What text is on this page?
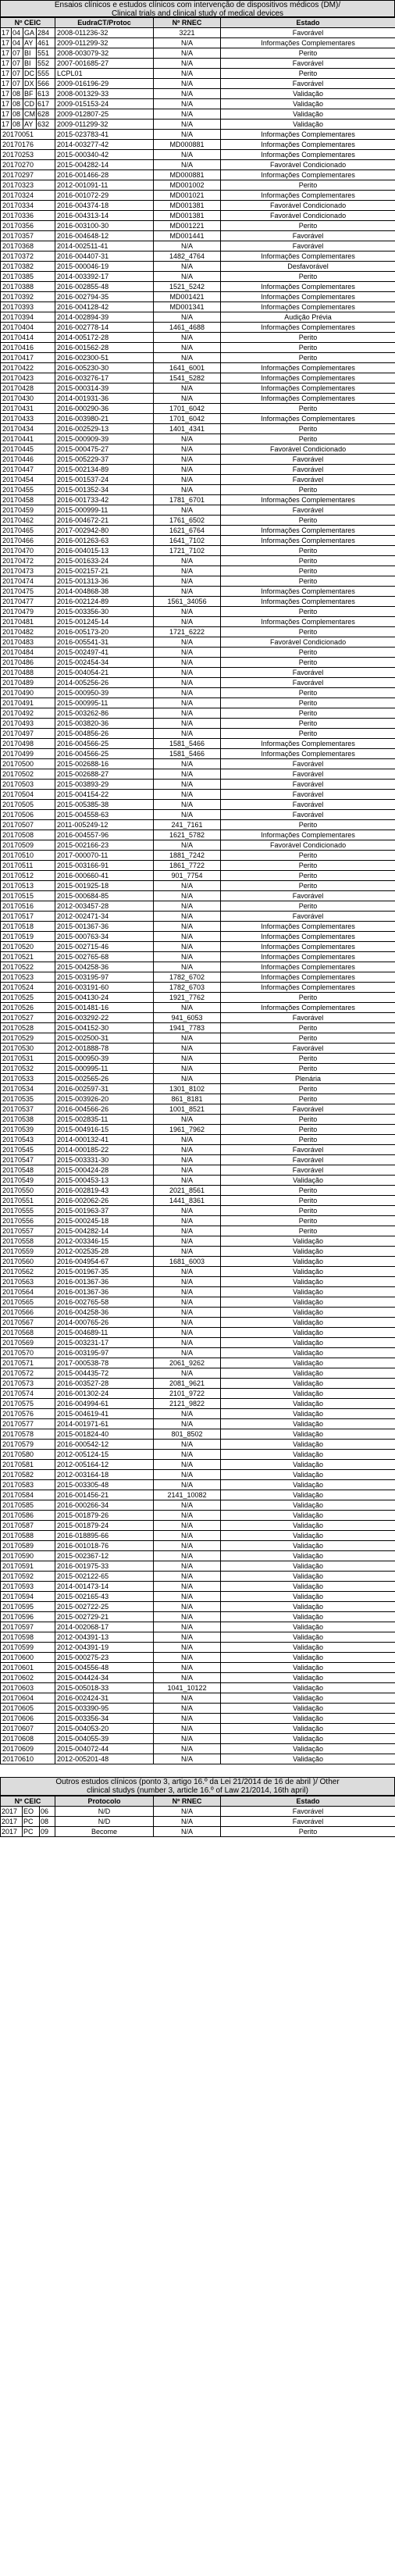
Ensaios clínicos e estudos clínicos com intervenção de dispositivos médicos (DM)/
Clinical trials and clinical study of medical devices
Nº CEIC				EudraCT/Protoc	Nº RNEC	Estado
17	04	GA	284	2008-011236-32	3221	Favorável
17	04	AY	461	2009-011299-32	N/A	Informações Complementares
17	07	BI	551	2008-003079-32	N/A	Perito
17	07	BI	552	2007-001685-27	N/A	Favorável
17	07	DC	555	LCPL01	N/A	Perito
17	07	DX	566	2009-016196-29	N/A	Favorável
17	08	BF	613	2008-001329-33	N/A	Validação
17	08	CD	617	2009-015153-24	N/A	Validação
17	08	CM	628	2009-012807-25	N/A	Validação
17	08	AY	632	2009-011299-32	N/A	Validação
20170051				2015-023783-41	N/A	Informações Complementares
20170176				2014-003277-42	MD000881	Informações Complementares
20170253				2015-000340-42	N/A	Informações Complementares
20170270				2015-004282-14	N/A	Favorável Condicionado
20170297				2016-001466-28	MD000881	Informações Complementares
20170323				2012-001091-11	MD001002	Perito
20170324				2016-001072-29	MD001021	Informações Complementares
20170334				2016-004374-18	MD001381	Favorável Condicionado
20170336				2016-004313-14	MD001381	Favorável Condicionado
20170356				2016-003100-30	MD001221	Perito
20170357				2016-004648-12	MD001441	Favorável
20170368				2014-002511-41	N/A	Favorável
20170372				2016-004407-31	1482_4764	Informações Complementares
20170382				2015-000046-19	N/A	Desfavorável
20170385				2014-003392-17	N/A	Perito
20170388				2016-002855-48	1521_5242	Informações Complementares
20170392				2016-002794-35	MD001421	Informações Complementares
20170393				2016-004128-42	MD001341	Informações Complementares
20170394				2014-002894-39	N/A	Audição Prévia
20170404				2016-002778-14	1461_4688	Informações Complementares
20170414				2014-005172-28	N/A	Perito
20170416				2016-001562-28	N/A	Perito
20170417				2016-002300-51	N/A	Perito
20170422				2016-005230-30	1641_6001	Informações Complementares
20170423				2016-003276-17	1541_5282	Informações Complementares
20170428				2015-000314-39	N/A	Informações Complementares
20170430				2014-001931-36	N/A	Informações Complementares
20170431				2016-000290-36	1701_6042	Perito
20170433				2016-003980-21	1701_6042	Informações Complementares
20170434				2016-002529-13	1401_4341	Perito
20170441				2015-000909-39	N/A	Perito
20170445				2015-000475-27	N/A	Favorável Condicionado
20170446				2015-005229-37	N/A	Favorável
20170447				2015-002134-89	N/A	Favorável
20170454				2015-001537-24	N/A	Favorável
20170455				2015-001352-34	N/A	Perito
20170458				2016-001733-42	1781_6701	Informações Complementares
20170459				2015-000999-11	N/A	Favorável
20170462				2016-004672-21	1761_6502	Perito
20170465				2017-002942-80	1621_6764	Informações Complementares
20170466				2016-001263-63	1641_7102	Informações Complementares
20170470				2016-004015-13	1721_7102	Perito
20170472				2015-001633-24	N/A	Perito
20170473				2015-002157-21	N/A	Perito
20170474				2015-001313-36	N/A	Perito
20170475				2014-004868-38	N/A	Informações Complementares
20170477				2016-002124-89	1561_34056	Informações Complementares
20170479				2015-003356-30	N/A	Perito
20170481				2015-001245-14	N/A	Informações Complementares
20170482				2016-005173-20	1721_6222	Perito
20170483				2016-005541-31	N/A	Favorável Condicionado
20170484				2015-002497-41	N/A	Perito
20170486				2015-002454-34	N/A	Perito
20170488				2015-004054-21	N/A	Favorável
20170489				2014-005256-26	N/A	Favorável
20170490				2015-000950-39	N/A	Perito
20170491				2015-000995-11	N/A	Perito
20170492				2015-003262-86	N/A	Perito
20170493				2015-003820-36	N/A	Perito
20170497				2015-004856-26	N/A	Perito
20170498				2016-004566-25	1581_5466	Informações Complementares
20170499				2016-004566-25	1581_5466	Informações Complementares
20170500				2015-002688-16	N/A	Favorável
20170502				2015-002688-27	N/A	Favorável
20170503				2015-003893-29	N/A	Favorável
20170504				2015-004154-22	N/A	Favorável
20170505				2015-005385-38	N/A	Favorável
20170506				2015-004558-63	N/A	Favorável
20170507				2011-005249-12	241_7161	Perito
20170508				2016-004557-96	1621_5782	Informações Complementares
20170509				2015-002166-23	N/A	Favorável Condicionado
20170510				2017-000070-11	1881_7242	Perito
20170511				2015-003166-91	1861_7722	Perito
20170512				2016-000660-41	901_7754	Perito
20170513				2015-001925-18	N/A	Perito
20170515				2015-000684-85	N/A	Favorável
20170516				2012-003457-28	N/A	Perito
20170517				2012-002471-34	N/A	Favorável
20170518				2015-001367-36	N/A	Informações Complementares
20170519				2015-000763-34	N/A	Informações Complementares
20170520				2015-002715-46	N/A	Informações Complementares
20170521				2015-002765-68	N/A	Informações Complementares
20170522				2015-004258-36	N/A	Informações Complementares
20170523				2015-003195-97	1782_6702	Informações Complementares
20170524				2016-003191-60	1782_6703	Informações Complementares
20170525				2015-004130-24	1921_7762	Perito
20170526				2015-001481-16	N/A	Informações Complementares
20170527				2016-003292-22	941_6053	Favorável
20170528				2015-004152-30	1941_7783	Perito
20170529				2015-002500-31	N/A	Perito
20170530				2012-001888-78	N/A	Favorável
20170531				2015-000950-39	N/A	Perito
20170532				2015-000995-11	N/A	Perito
20170533				2015-002565-26	N/A	Plenária
20170534				2016-002597-31	1301_8102	Perito
20170535				2015-003926-20	861_8181	Perito
20170537				2016-004566-26	1001_8521	Favorável
20170538				2015-002835-11	N/A	Perito
20170539				2015-004916-15	1961_7962	Perito
20170543				2014-000132-41	N/A	Perito
20170545				2014-000185-22	N/A	Favorável
20170547				2015-003331-30	N/A	Favorável
20170548				2015-000424-28	N/A	Favorável
20170549				2015-000453-13	N/A	Validação
20170550				2016-002819-43	2021_8561	Perito
20170551				2016-002062-26	1441_8361	Perito
20170555				2015-001963-37	N/A	Perito
20170556				2015-000245-18	N/A	Perito
20170557				2015-004282-14	N/A	Perito
20170558				2012-003346-15	N/A	Validação
20170559				2012-002535-28	N/A	Validação
20170560				2016-004954-67	1681_6003	Validação
20170562				2015-001967-35	N/A	Validação
20170563				2016-001367-36	N/A	Validação
20170564				2016-001367-36	N/A	Validação
20170565				2016-002765-58	N/A	Validação
20170566				2016-004258-36	N/A	Validação
20170567				2014-000765-26	N/A	Validação
20170568				2015-004689-11	N/A	Validação
20170569				2015-003231-17	N/A	Validação
20170570				2016-003195-97	N/A	Validação
20170571				2017-000538-78	2061_9262	Validação
20170572				2015-004435-72	N/A	Validação
20170573				2016-003527-28	2081_9621	Validação
20170574				2016-001302-24	2101_9722	Validação
20170575				2016-004994-61	2121_9822	Validação
20170576				2015-004619-41	N/A	Validação
20170577				2014-001971-61	N/A	Validação
20170578				2015-001824-40	801_8502	Validação
20170579				2016-000542-12	N/A	Validação
20170580				2012-005124-15	N/A	Validação
20170581				2012-005164-12	N/A	Validação
20170582				2012-003164-18	N/A	Validação
20170583				2015-003305-48	N/A	Validação
20170584				2016-001456-21	2141_10082	Validação
20170585				2016-000266-34	N/A	Validação
20170586				2015-001879-26	N/A	Validação
20170587				2015-001879-24	N/A	Validação
20170588				2016-018895-66	N/A	Validação
20170589				2016-001018-76	N/A	Validação
20170590				2015-002367-12	N/A	Validação
20170591				2016-001975-33	N/A	Validação
20170592				2015-002122-65	N/A	Validação
20170593				2014-001473-14	N/A	Validação
20170594				2015-002165-43	N/A	Validação
20170595				2015-002722-25	N/A	Validação
20170596				2015-002729-21	N/A	Validação
20170597				2014-002068-17	N/A	Validação
20170598				2012-004391-13	N/A	Validação
20170599				2012-004391-19	N/A	Validação
20170600				2015-000275-23	N/A	Validação
20170601				2015-004556-48	N/A	Validação
20170602				2015-004424-34	N/A	Validação
20170603				2015-005018-33	1041_10122	Validação
20170604				2016-002424-31	N/A	Validação
20170605				2015-003390-95	N/A	Validação
20170606				2015-003356-34	N/A	Validação
20170607				2015-004053-20	N/A	Validação
20170608				2015-004055-39	N/A	Validação
20170609				2015-004072-44	N/A	Validação
20170610				2012-005201-48	N/A	Validação
Outros estudos clínicos (ponto 3, artigo 16.º da Lei 21/2014 de 16 de abril )/ Other
clinical studys (number 3, article 16.º of Law 21/2014, 16th april)
Nº CEIC			Protocolo	Nº RNEC	Estado
2017	EO	06	N/D	N/A	Favorável
2017	PC	08	N/D	N/A	Favorável
2017	PC	09	Become	N/A	Perito
